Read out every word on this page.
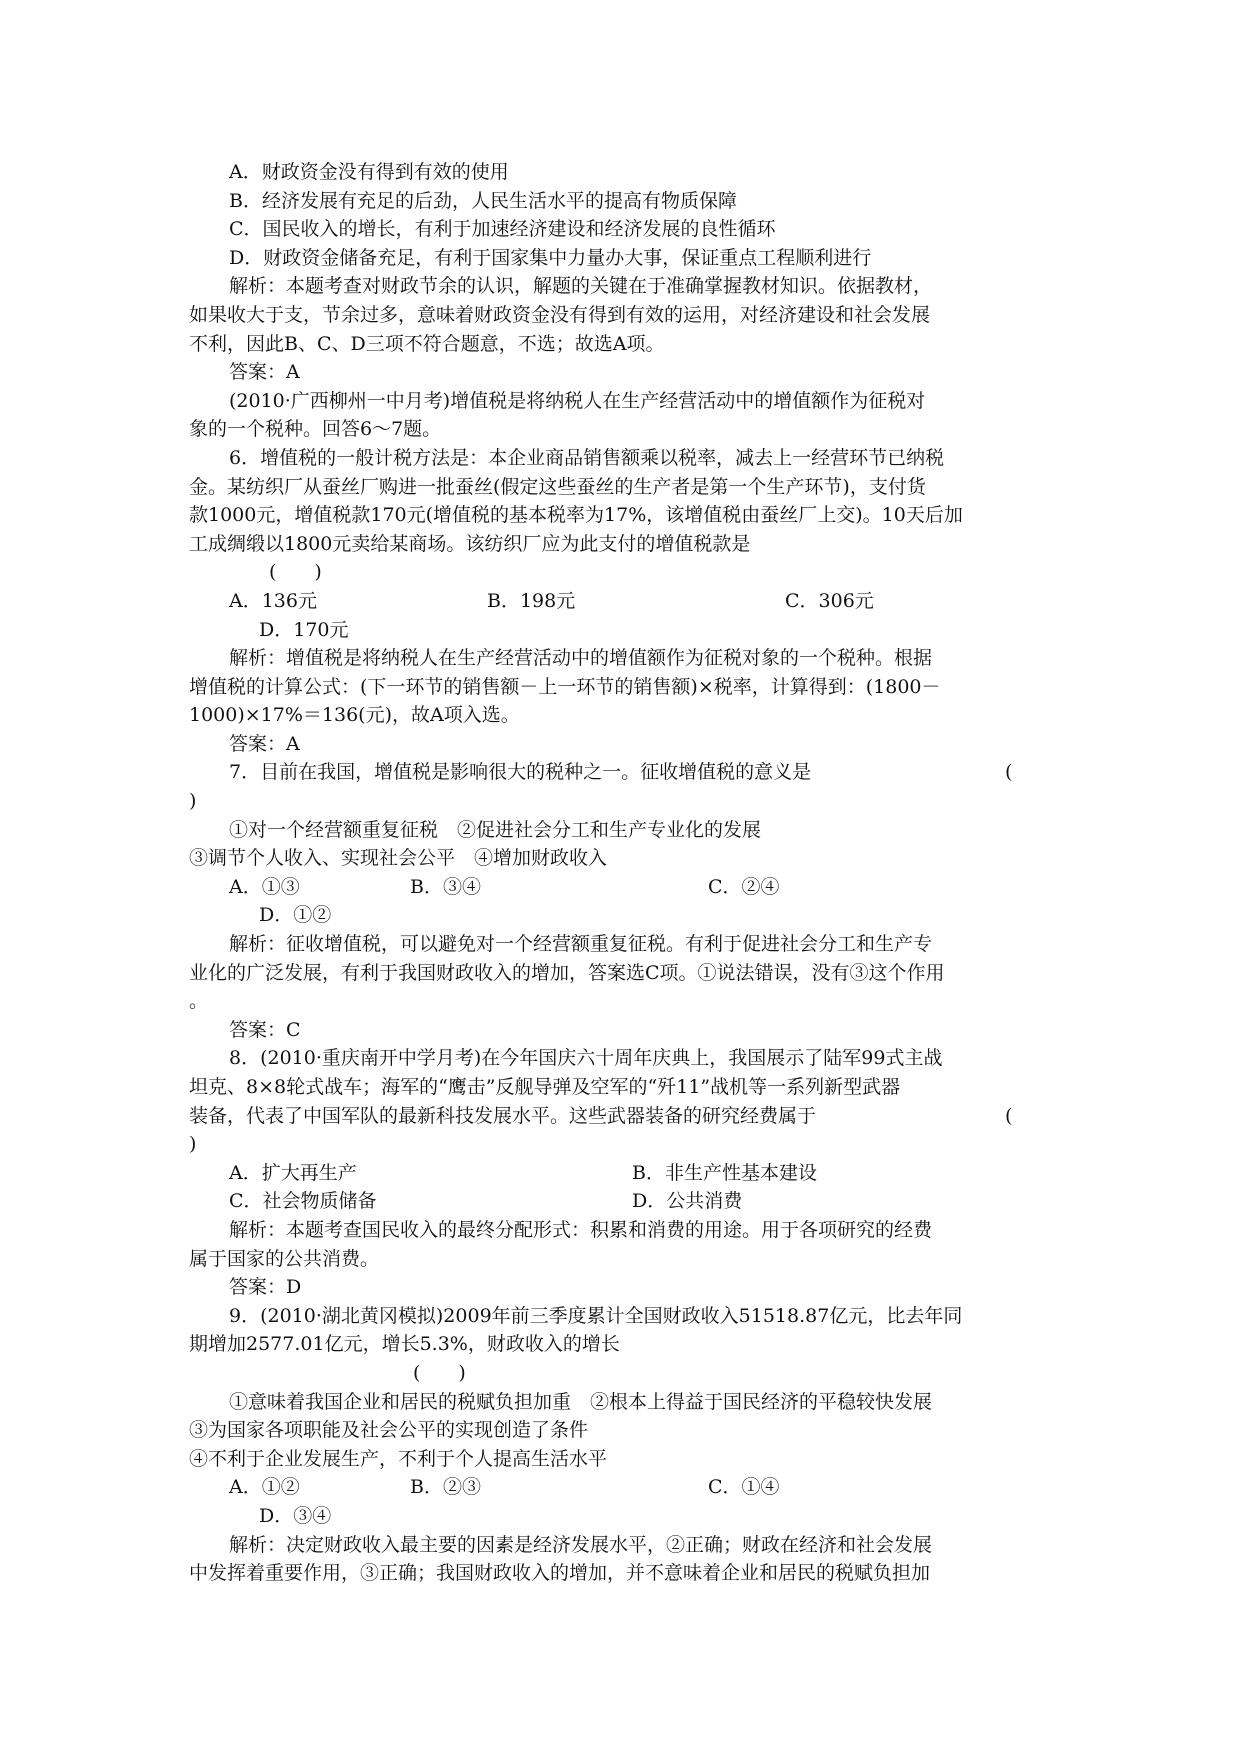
A．财政资金没有得到有效的使用
B．经济发展有充足的后劲，人民生活水平的提高有物质保障
C．国民收入的增长，有利于加速经济建设和经济发展的良性循环
D．财政资金储备充足，有利于国家集中力量办大事，保证重点工程顺利进行
解析：本题考查对财政节余的认识，解题的关键在于准确掌握教材知识。依据教材，
如果收大于支，节余过多，意味着财政资金没有得到有效的运用，对经济建设和社会发展
不利，因此B、C、D三项不符合题意，不选；故选A项。
答案：A
(2010·广西柳州一中月考)增值税是将纳税人在生产经营活动中的增值额作为征税对
象的一个税种。回答6～7题。
6．增值税的一般计税方法是：本企业商品销售额乘以税率，减去上一经营环节已纳税
金。某纺织厂从蚕丝厂购进一批蚕丝(假定这些蚕丝的生产者是第一个生产环节)，支付货
款1000元，增值税款170元(增值税的基本税率为17%，该增值税由蚕丝厂上交)。10天后加
工成绸缎以1800元卖给某商场。该纺织厂应为此支付的增值税款是
(　　)
A．136元	B．198元	C．306元
D．170元
解析：增值税是将纳税人在生产经营活动中的增值额作为征税对象的一个税种。根据
增值税的计算公式：(下一环节的销售额－上一环节的销售额)×税率，计算得到：(1800－
1000)×17%＝136(元)，故A项入选。
答案：A
7．目前在我国，增值税是影响很大的税种之一。征收增值税的意义是	(
)
①对一个经营额重复征税　②促进社会分工和生产专业化的发展
③调节个人收入、实现社会公平　④增加财政收入
A．①③	B．③④	C．②④
D．①②
解析：征收增值税，可以避免对一个经营额重复征税。有利于促进社会分工和生产专
业化的广泛发展，有利于我国财政收入的增加，答案选C项。①说法错误，没有③这个作用
。
答案：C
8．(2010·重庆南开中学月考)在今年国庆六十周年庆典上，我国展示了陆军99式主战
坦克、8×8轮式战车；海军的“鹰击”反舰导弹及空军的“歼11”战机等一系列新型武器
装备，代表了中国军队的最新科技发展水平。这些武器装备的研究经费属于	(
)
A．扩大再生产	B．非生产性基本建设
C．社会物质储备	D．公共消费
解析：本题考查国民收入的最终分配形式：积累和消费的用途。用于各项研究的经费
属于国家的公共消费。
答案：D
9．(2010·湖北黄冈模拟)2009年前三季度累计全国财政收入51518.87亿元，比去年同
期增加2577.01亿元，增长5.3%，财政收入的增长
(　　)
①意味着我国企业和居民的税赋负担加重　②根本上得益于国民经济的平稳较快发展
③为国家各项职能及社会公平的实现创造了条件
④不利于企业发展生产，不利于个人提高生活水平
A．①②	B．②③	C．①④
D．③④
解析：决定财政收入最主要的因素是经济发展水平，②正确；财政在经济和社会发展
中发挥着重要作用，③正确；我国财政收入的增加，并不意味着企业和居民的税赋负担加
